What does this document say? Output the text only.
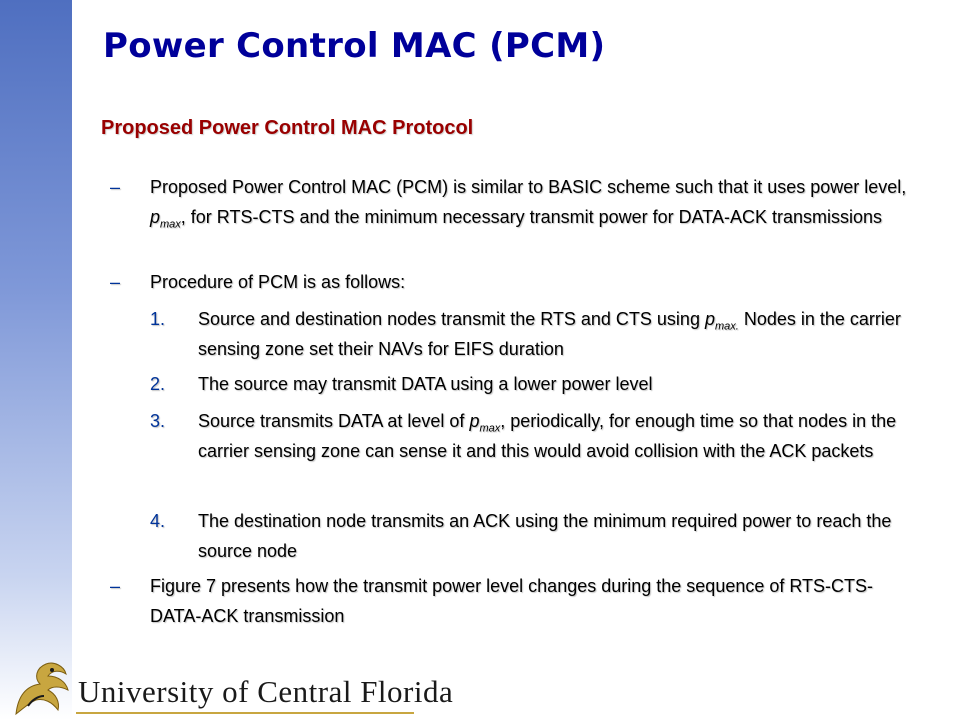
Power Control MAC (PCM)
Proposed Power Control MAC Protocol
– Proposed Power Control MAC (PCM) is similar to BASIC scheme such that it uses power level, $p_{max}$, for RTS-CTS and the minimum necessary transmit power for DATA-ACK transmissions
– Procedure of PCM is as follows:
1. Source and destination nodes transmit the RTS and CTS using $p_{max.}$ Nodes in the carrier sensing zone set their NAVs for EIFS duration
2. The source may transmit DATA using a lower power level
3. Source transmits DATA at level of $p_{max}$, periodically, for enough time so that nodes in the carrier sensing zone can sense it and this would avoid collision with the ACK packets
4. The destination node transmits an ACK using the minimum required power to reach the source node
– Figure 7 presents how the transmit power level changes during the sequence of RTS-CTS-DATA-ACK transmission
University of Central Florida
